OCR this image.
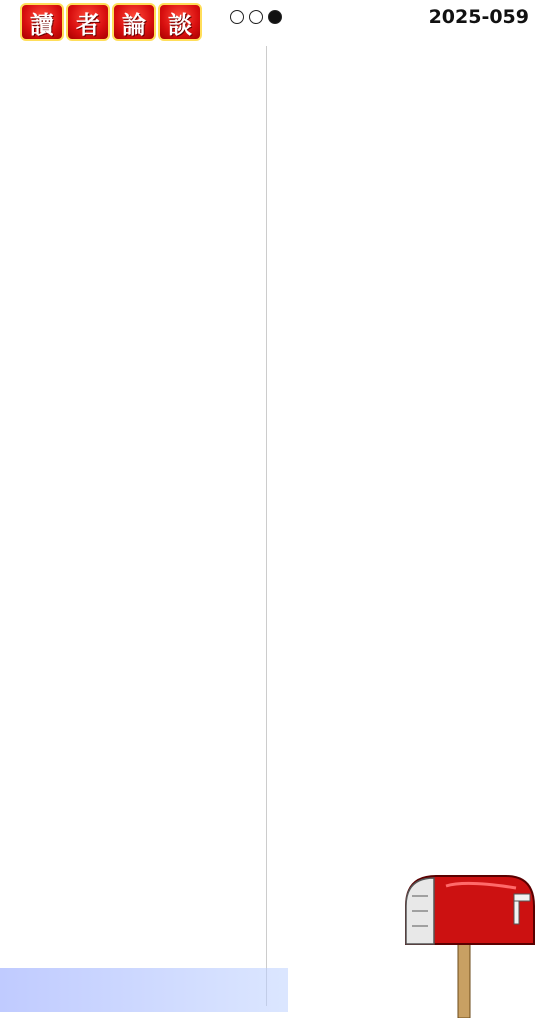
讀 者 論 談	2025-059
